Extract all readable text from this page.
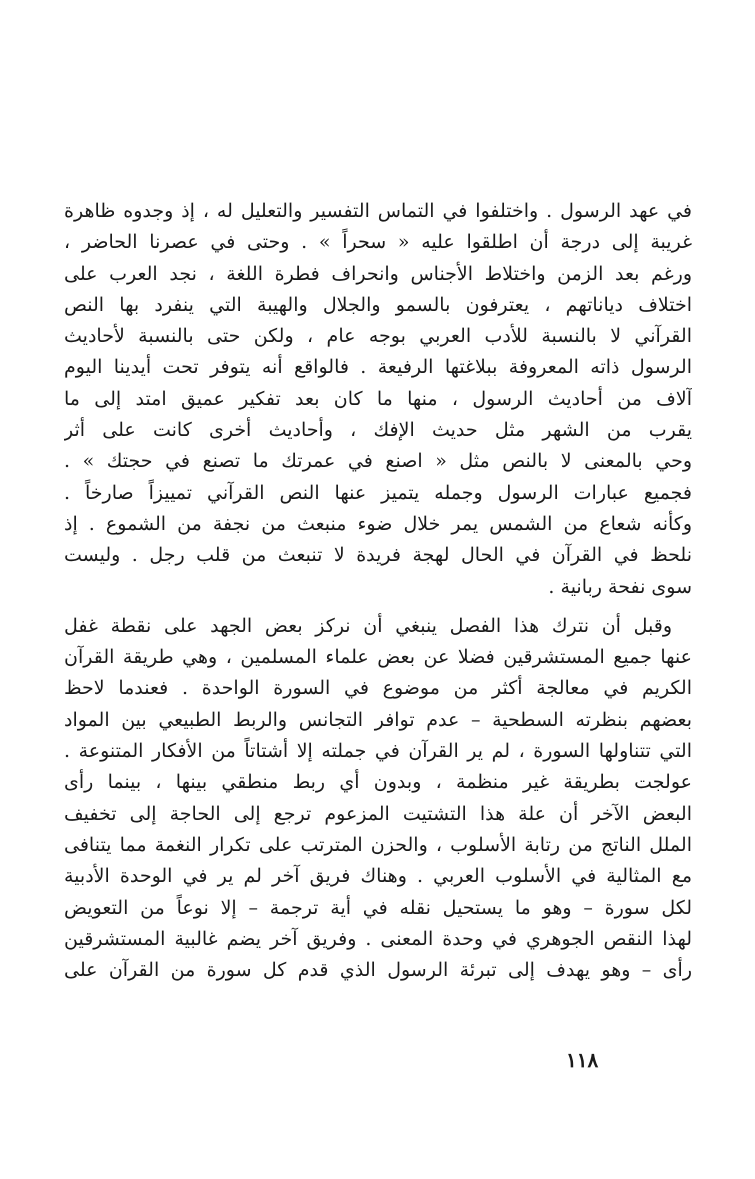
في عهد الرسول . واختلفوا في التماس التفسير والتعليل له ، إذ وجدوه ظاهرة
غريبة إلى درجة أن اطلقوا عليه « سحراً » . وحتى في عصرنا الحاضر ،
ورغم بعد الزمن واختلاط الأجناس وانحراف فطرة اللغة ، نجد العرب على
اختلاف دياناتهم ، يعترفون بالسمو والجلال والهيبة التي ينفرد بها النص
القرآني لا بالنسبة للأدب العربي بوجه عام ، ولكن حتى بالنسبة لأحاديث
الرسول ذاته المعروفة ببلاغتها الرفيعة . فالواقع أنه يتوفر تحت أيدينا اليوم
آلاف من أحاديث الرسول ، منها ما كان بعد تفكير عميق امتد إلى ما
يقرب من الشهر مثل حديث الإفك ، وأحاديث أخرى كانت على أثر
وحي بالمعنى لا بالنص مثل « اصنع في عمرتك ما تصنع في حجتك » .
فجميع عبارات الرسول وجمله يتميز عنها النص القرآني تمييزاً صارخاً .
وكأنه شعاع من الشمس يمر خلال ضوء منبعث من نجفة من الشموع . إذ
نلحظ في القرآن في الحال لهجة فريدة لا تنبعث من قلب رجل . وليست
سوى نفحة ربانية .
وقبل أن نترك هذا الفصل ينبغي أن نركز بعض الجهد على نقطة غفل
عنها جميع المستشرقين فضلا عن بعض علماء المسلمين ، وهي طريقة القرآن
الكريم في معالجة أكثر من موضوع في السورة الواحدة . فعندما لاحظ
بعضهم بنظرته السطحية – عدم توافر التجانس والربط الطبيعي بين المواد
التي تتناولها السورة ، لم ير القرآن في جملته إلا أشتاتاً من الأفكار المتنوعة .
عولجت بطريقة غير منظمة ، وبدون أي ربط منطقي بينها ، بينما رأى
البعض الآخر أن علة هذا التشتيت المزعوم ترجع إلى الحاجة إلى تخفيف
الملل الناتج من رتابة الأسلوب ، والحزن المترتب على تكرار النغمة مما يتنافى
مع المثالية في الأسلوب العربي . وهناك فريق آخر لم ير في الوحدة الأدبية
لكل سورة – وهو ما يستحيل نقله في أية ترجمة – إلا نوعاً من التعويض
لهذا النقص الجوهري في وحدة المعنى . وفريق آخر يضم غالبية المستشرقين
رأى – وهو يهدف إلى تبرئة الرسول الذي قدم كل سورة من القرآن على
١١٨
